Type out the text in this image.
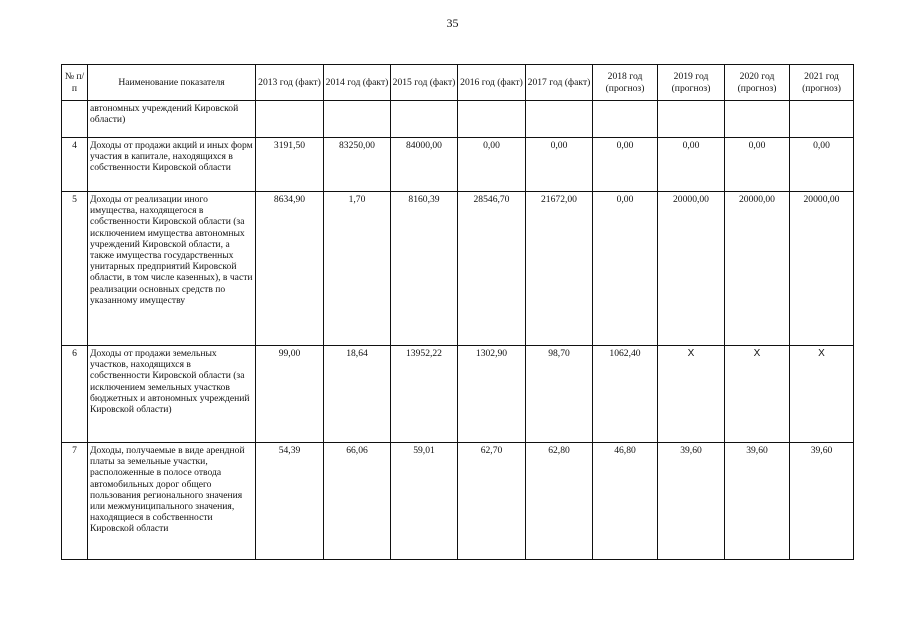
35
№ п/п	Наименование показателя	2013 год (факт)	2014 год (факт)	2015 год (факт)	2016 год (факт)	2017 год (факт)	2018 год (прогноз)	2019 год (прогноз)	2020 год (прогноз)	2021 год (прогноз)
	автономных учреждений Кировской области)									
4	Доходы от продажи акций и иных форм участия в капитале, находящихся в собственности Кировской области	3191,50	83250,00	84000,00	0,00	0,00	0,00	0,00	0,00	0,00
5	Доходы от реализации иного имущества, находящегося в собственности Кировской области (за исключением имущества автономных учреждений Кировской области, а также имущества государственных унитарных предприятий Кировской области, в том числе казенных), в части реализации основных средств по указанному имуществу	8634,90	1,70	8160,39	28546,70	21672,00	0,00	20000,00	20000,00	20000,00
6	Доходы от продажи земельных участков, находящихся в собственности Кировской области (за исключением земельных участков бюджетных и автономных учреждений Кировской области)	99,00	18,64	13952,22	1302,90	98,70	1062,40	Х	Х	Х
7	Доходы, получаемые в виде арендной платы за земельные участки, расположенные в полосе отвода автомобильных дорог общего пользования регионального значения или межмуниципального значения, находящиеся в собственности Кировской области	54,39	66,06	59,01	62,70	62,80	46,80	39,60	39,60	39,60
